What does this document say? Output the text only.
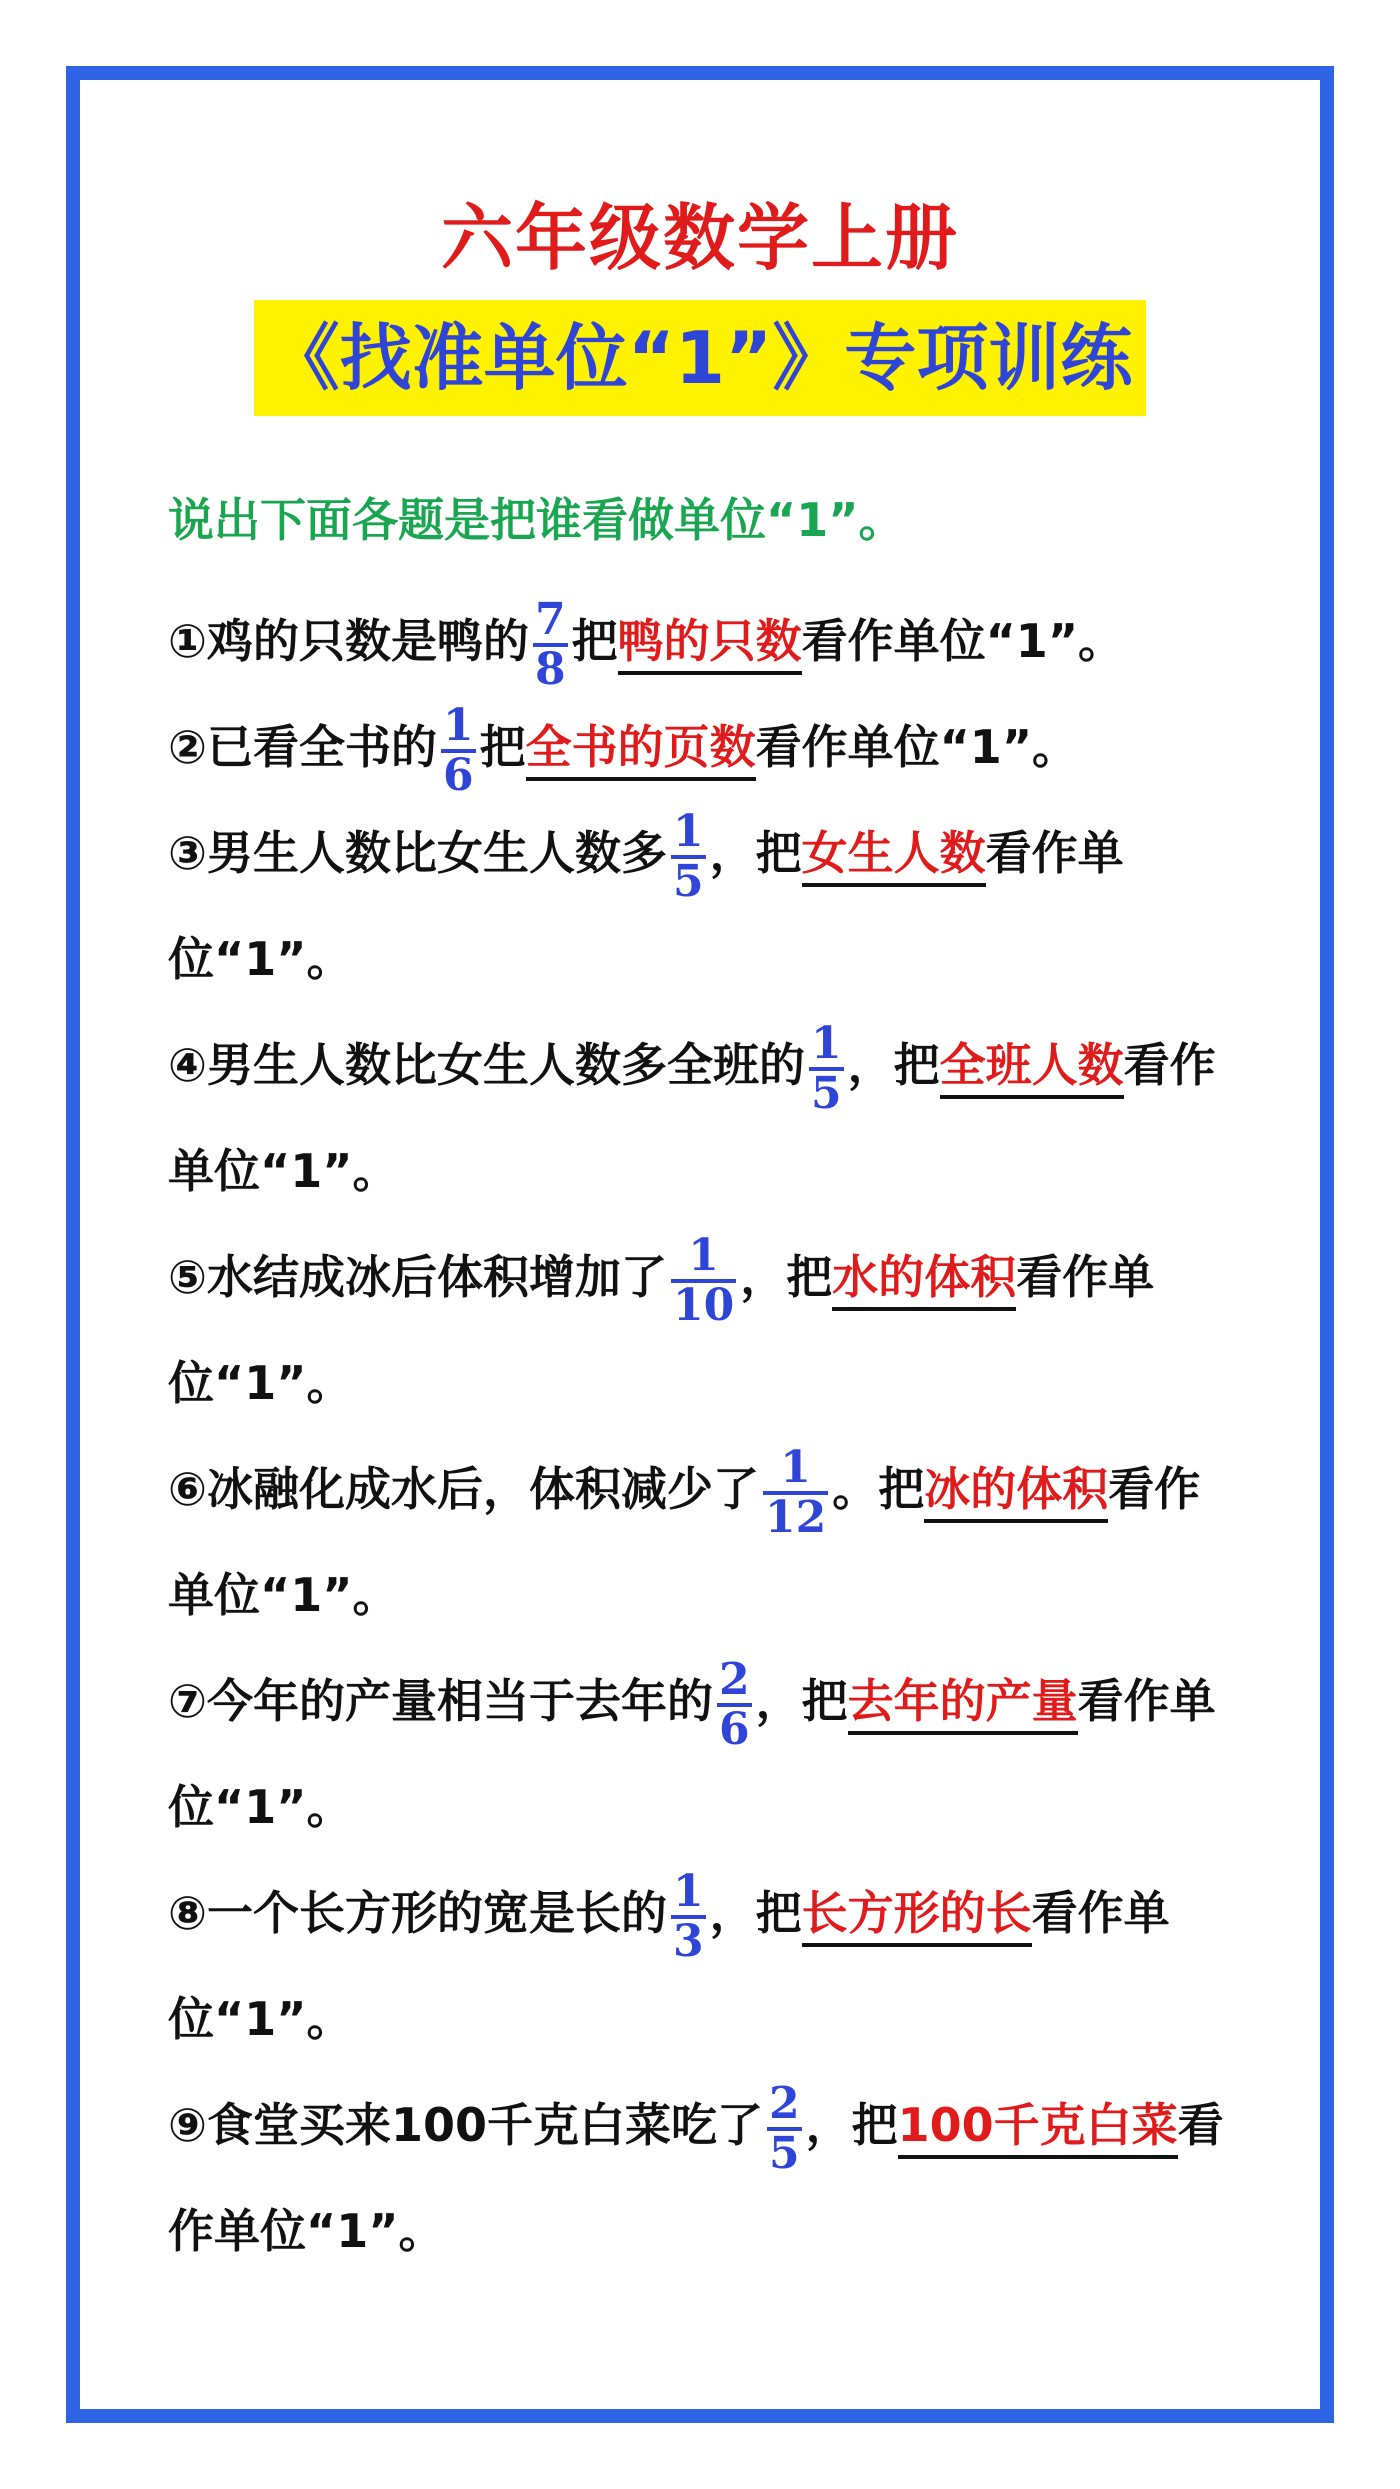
六年级数学上册
《找准单位“1”》专项训练
说出下面各题是把谁看做单位“1”。
①鸡的只数是鸭的 $\frac{7}{8}$ 把鸭的只数看作单位“1”。
②已看全书的 $\frac{1}{6}$ 把全书的页数看作单位“1”。
③男生人数比女生人数多 $\frac{1}{5}$ ，把女生人数看作单位“1”。
④男生人数比女生人数多全班的 $\frac{1}{5}$ ，把全班人数看作单位“1”。
⑤水结成冰后体积增加了 $\frac{1}{10}$ ，把水的体积看作单位“1”。
⑥冰融化成水后，体积减少了 $\frac{1}{12}$ 。把冰的体积看作单位“1”。
⑦今年的产量相当于去年的 $\frac{2}{6}$ ，把去年的产量看作单位“1”。
⑧一个长方形的宽是长的 $\frac{1}{3}$ ，把长方形的长看作单位“1”。
⑨食堂买来100千克白菜吃了 $\frac{2}{5}$ ，把100千克白菜看作单位“1”。
